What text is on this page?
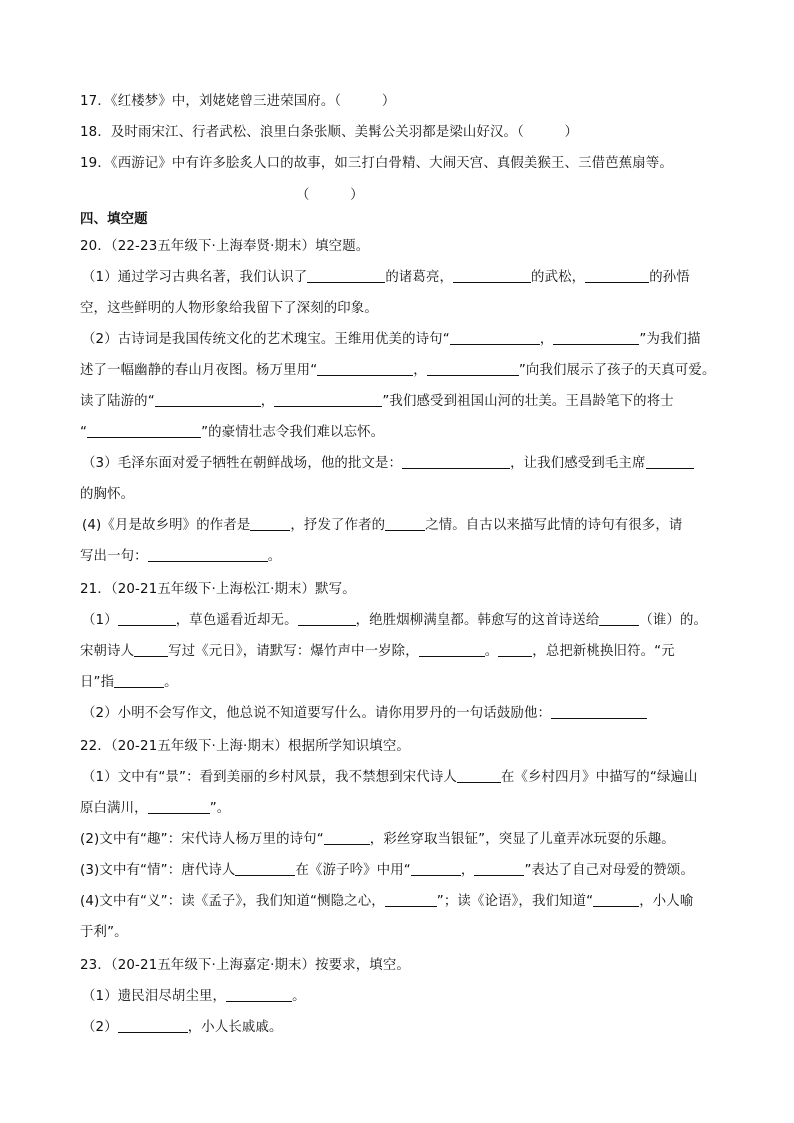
17．《红楼梦》中，刘姥姥曾三进荣国府。（　　　）
18．及时雨宋江、行者武松、浪里白条张顺、美髯公关羽都是梁山好汉。（　　　）
19．《西游记》中有许多脍炙人口的故事，如三打白骨精、大闹天宫、真假美猴王、三借芭蕉扇等。
（　　　）
四、填空题
20．（22-23五年级下·上海奉贤·期末）填空题。
（1）通过学习古典名著，我们认识了	的诸葛亮，	的武松，	的孙悟
空，这些鲜明的人物形象给我留下了深刻的印象。
（2）古诗词是我国传统文化的艺术瑰宝。王维用优美的诗句“	，	”为我们描
述了一幅幽静的春山月夜图。杨万里用“	，	”向我们展示了孩子的天真可爱。
读了陆游的“	，	”我们感受到祖国山河的壮美。王昌龄笔下的将士
“	”的豪情壮志令我们难以忘怀。
（3）毛泽东面对爱子牺牲在朝鲜战场，他的批文是：	，让我们感受到毛主席
的胸怀。
(4)《月是故乡明》的作者是	，抒发了作者的	之情。自古以来描写此情的诗句有很多，请
写出一句：	。
21．（20-21五年级下·上海松江·期末）默写。
（1）	，草色遥看近却无。	，绝胜烟柳满皇都。韩愈写的这首诗送给	（谁）的。
宋朝诗人	写过《元日》，请默写：爆竹声中一岁除，	。	，总把新桃换旧符。“元
日”指	。
（2）小明不会写作文，他总说不知道要写什么。请你用罗丹的一句话鼓励他：
22．（20-21五年级下·上海·期末）根据所学知识填空。
（1）文中有“景”：看到美丽的乡村风景，我不禁想到宋代诗人	在《乡村四月》中描写的“绿遍山
原白满川，	”。
(2)文中有“趣”：宋代诗人杨万里的诗句“	，彩丝穿取当银钲”，突显了儿童弄冰玩耍的乐趣。
(3)文中有“情”：唐代诗人	在《游子吟》中用“	，	”表达了自己对母爱的赞颂。
(4)文中有“义”：读《孟子》，我们知道“恻隐之心，	”；读《论语》，我们知道“	，小人喻
于利”。
23．（20-21五年级下·上海嘉定·期末）按要求，填空。
（1）遗民泪尽胡尘里，	。
（2）	，小人长戚戚。
